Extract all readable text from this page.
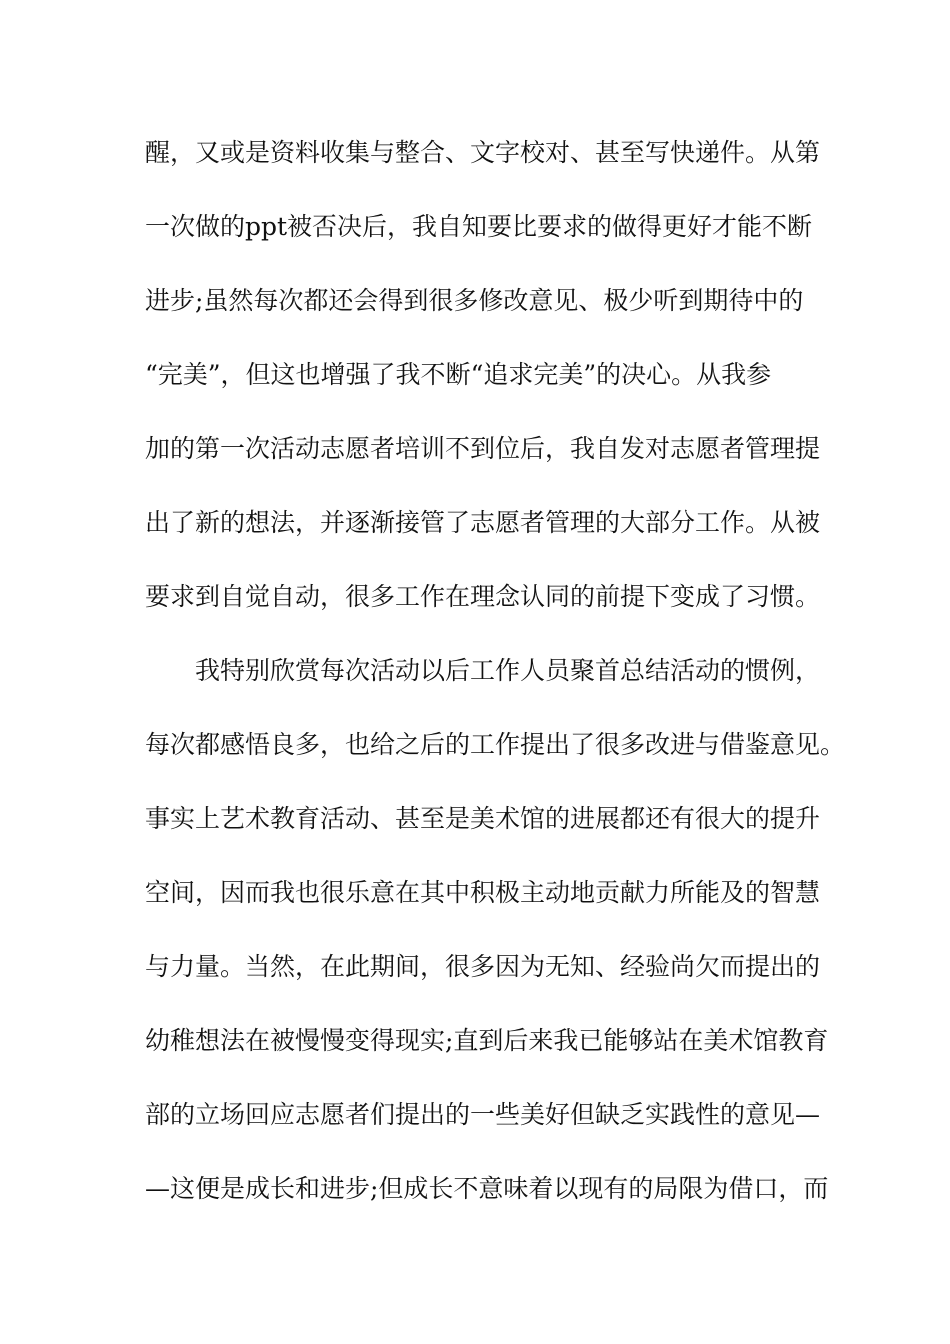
醒，又或是资料收集与整合、文字校对、甚至写快递件。从第
一次做的ppt被否决后，我自知要比要求的做得更好才能不断
进步;虽然每次都还会得到很多修改意见、极少听到期待中的
“完美”，但这也增强了我不断“追求完美”的决心。从我参
加的第一次活动志愿者培训不到位后，我自发对志愿者管理提
出了新的想法，并逐渐接管了志愿者管理的大部分工作。从被
要求到自觉自动，很多工作在理念认同的前提下变成了习惯。
我特别欣赏每次活动以后工作人员聚首总结活动的惯例，
每次都感悟良多，也给之后的工作提出了很多改进与借鉴意见。
事实上艺术教育活动、甚至是美术馆的进展都还有很大的提升
空间，因而我也很乐意在其中积极主动地贡献力所能及的智慧
与力量。当然，在此期间，很多因为无知、经验尚欠而提出的
幼稚想法在被慢慢变得现实;直到后来我已能够站在美术馆教育
部的立场回应志愿者们提出的一些美好但缺乏实践性的意见—
—这便是成长和进步;但成长不意味着以现有的局限为借口，而
